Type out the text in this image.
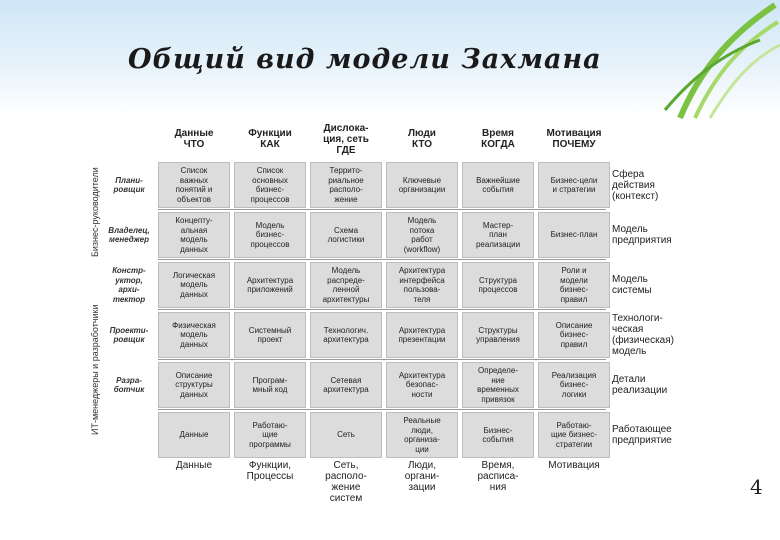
Общий вид модели Захмана
Данные
ЧТО
Функции
КАК
Дислока-
ция, сеть
ГДЕ
Люди
КТО
Время
КОГДА
Мотивация
ПОЧЕМУ
Плани-
ровщик
Список
важных
понятий и
объектов
Список
основных
бизнес-
процессов
Террито-
риальное
располо-
жение
Ключевые
организации
Важнейшие
события
Бизнес-цели
и стратегии
Сфера
действия
(контекст)
Владелец,
менеджер
Концепту-
альная
модель
данных
Модель
бизнес-
процессов
Схема
логистики
Модель
потока
работ
(workflow)
Мастер-
план
реализации
Бизнес-план	Модель
предприятия
Констр-
уктор,
архи-
тектор
Логическая
модель
данных
Архитектура
приложений
Модель
распреде-
ленной
архитектуры
Архитектура
интерфейса
пользова-
теля
Структура
процессов
Роли и
модели
бизнес-
правил
Модель
системы
Проекти-
ровщик
Физическая
модель
данных
Системный
проект
Технологич.
архитектура
Архитектура
презентации
Структуры
управления
Описание
бизнес-
правил
Технологи-
ческая
(физическая)
модель
Разра-
ботчик
Описание
структуры
данных
Програм-
мный код
Сетевая
архитектура
Архитектура
безопас-
ности
Определе-
ние
временных
привязок
Реализация
бизнес-
логики
Детали
реализации
Данные
Работаю-
щие
программы
Сеть
Реальные
люди,
организа-
ции
Бизнес-
события
Работаю-
щие бизнес-
стратегии
Работающее
предприятие
Данные	Функции,
Процессы
Сеть,
располо-
жение
систем
Люди,
органи-
зации
Время,
расписа-
ния
Мотивация
Бизнес-руководители
ИТ-менеджеры и разработчики
4
